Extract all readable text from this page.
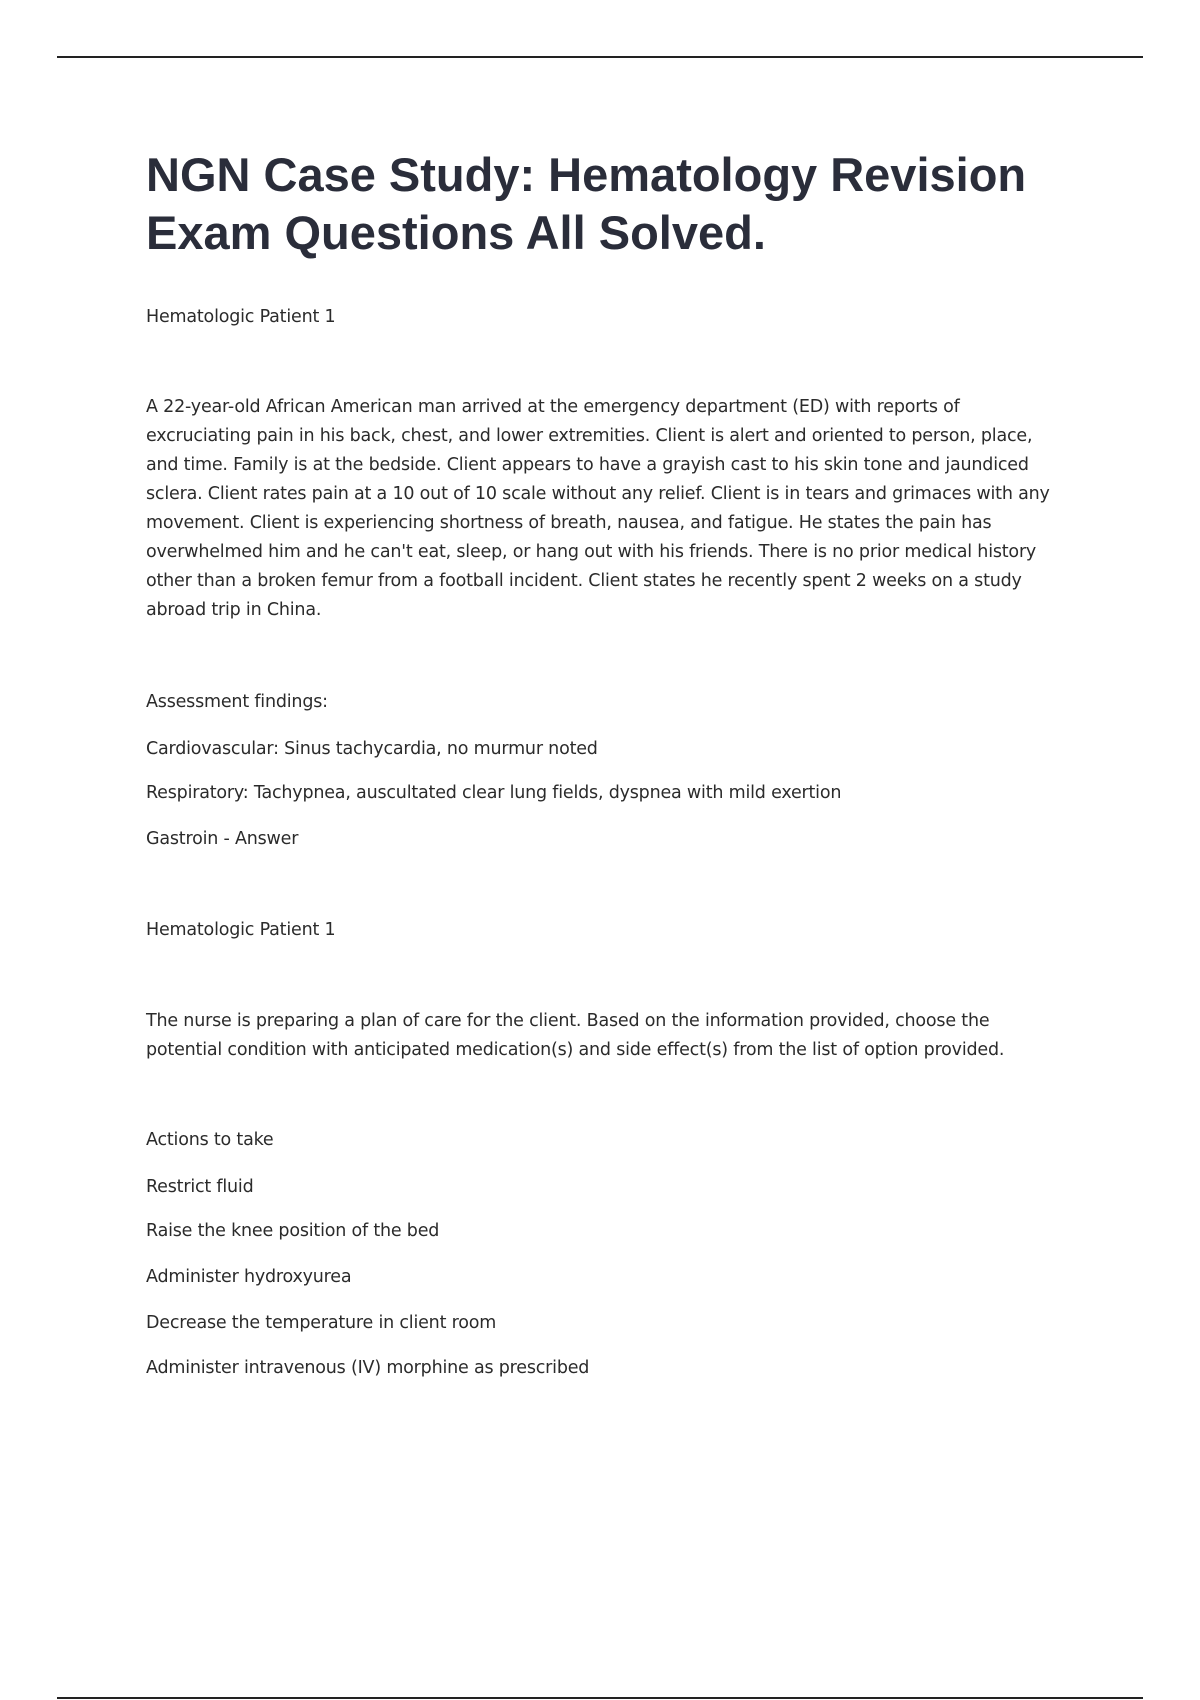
NGN Case Study: Hematology Revision Exam Questions All Solved.
Hematologic Patient 1
A 22-year-old African American man arrived at the emergency department (ED) with reports of
excruciating pain in his back, chest, and lower extremities. Client is alert and oriented to person, place,
and time. Family is at the bedside. Client appears to have a grayish cast to his skin tone and jaundiced
sclera. Client rates pain at a 10 out of 10 scale without any relief. Client is in tears and grimaces with any
movement. Client is experiencing shortness of breath, nausea, and fatigue. He states the pain has
overwhelmed him and he can't eat, sleep, or hang out with his friends. There is no prior medical history
other than a broken femur from a football incident. Client states he recently spent 2 weeks on a study
abroad trip in China.
Assessment findings:
Cardiovascular: Sinus tachycardia, no murmur noted
Respiratory: Tachypnea, auscultated clear lung fields, dyspnea with mild exertion
Gastroin - Answer
Hematologic Patient 1
The nurse is preparing a plan of care for the client. Based on the information provided, choose the
potential condition with anticipated medication(s) and side effect(s) from the list of option provided.
Actions to take
Restrict fluid
Raise the knee position of the bed
Administer hydroxyurea
Decrease the temperature in client room
Administer intravenous (IV) morphine as prescribed
